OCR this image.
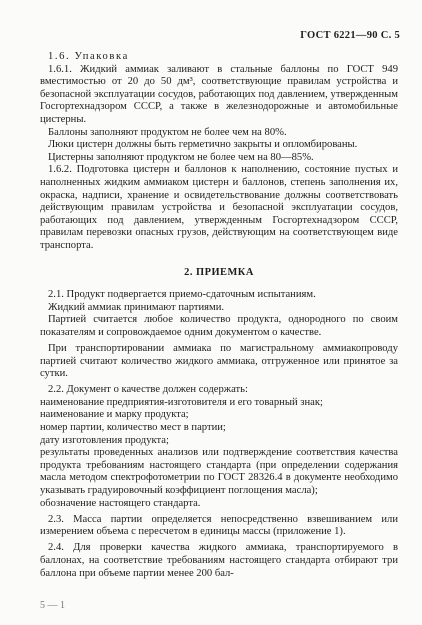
ГОСТ 6221—90 С. 5

1.6. Упаковка

1.6.1. Жидкий аммиак заливают в стальные баллоны по ГОСТ 949 вместимостью от 20 до 50 дм³, соответствующие правилам устройства и безопасной эксплуатации сосудов, работающих под давлением, утвержденным Госгортехнадзором СССР, а также в железнодорожные и автомобильные цистерны.

Баллоны заполняют продуктом не более чем на 80%.

Люки цистерн должны быть герметично закрыты и опломбированы.

Цистерны заполняют продуктом не более чем на 80—85%.

1.6.2. Подготовка цистерн и баллонов к наполнению, состояние пустых и наполненных жидким аммиаком цистерн и баллонов, степень заполнения их, окраска, надписи, хранение и освидетельствование должны соответствовать действующим правилам устройства и безопасной эксплуатации сосудов, работающих под давлением, утвержденным Госгортехнадзором СССР, правилам перевозки опасных грузов, действующим на соответствующем виде транспорта.

2. ПРИЕМКА

2.1. Продукт подвергается приемо-сдаточным испытаниям.

Жидкий аммиак принимают партиями.

Партией считается любое количество продукта, однородного по своим показателям и сопровождаемое одним документом о качестве.

При транспортировании аммиака по магистральному аммиакопроводу партией считают количество жидкого аммиака, отгруженное или принятое за сутки.

2.2. Документ о качестве должен содержать:

наименование предприятия-изготовителя и его товарный знак;

наименование и марку продукта;

номер партии, количество мест в партии;

дату изготовления продукта;

результаты проведенных анализов или подтверждение соответствия качества продукта требованиям настоящего стандарта (при определении содержания масла методом спектрофотометрии по ГОСТ 28326.4 в документе необходимо указывать градуировочный коэффициент поглощения масла);

обозначение настоящего стандарта.

2.3. Масса партии определяется непосредственно взвешиванием или измерением объема с пересчетом в единицы массы (приложение 1).

2.4. Для проверки качества жидкого аммиака, транспортируемого в баллонах, на соответствие требованиям настоящего стандарта отбирают три баллона при объеме партии менее 200 бал-

5 — 1
